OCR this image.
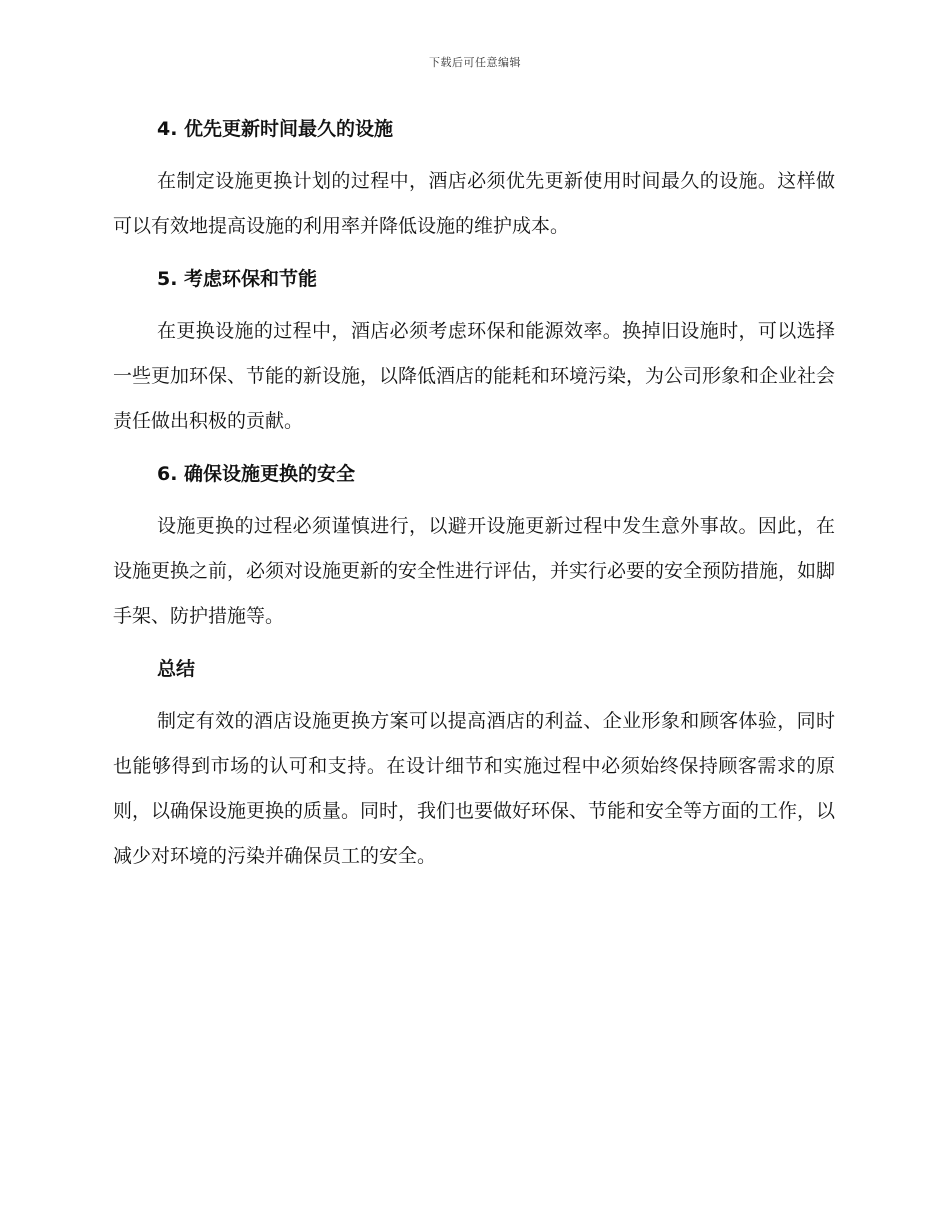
下载后可任意编辑
4. 优先更新时间最久的设施

在制定设施更换计划的过程中，酒店必须优先更新使用时间最久的设施。这样做可以有效地提高设施的利用率并降低设施的维护成本。

5. 考虑环保和节能

在更换设施的过程中，酒店必须考虑环保和能源效率。换掉旧设施时，可以选择一些更加环保、节能的新设施，以降低酒店的能耗和环境污染，为公司形象和企业社会责任做出积极的贡献。

6. 确保设施更换的安全

设施更换的过程必须谨慎进行，以避开设施更新过程中发生意外事故。因此，在设施更换之前，必须对设施更新的安全性进行评估，并实行必要的安全预防措施，如脚手架、防护措施等。

总结

制定有效的酒店设施更换方案可以提高酒店的利益、企业形象和顾客体验，同时也能够得到市场的认可和支持。在设计细节和实施过程中必须始终保持顾客需求的原则，以确保设施更换的质量。同时，我们也要做好环保、节能和安全等方面的工作，以减少对环境的污染并确保员工的安全。
